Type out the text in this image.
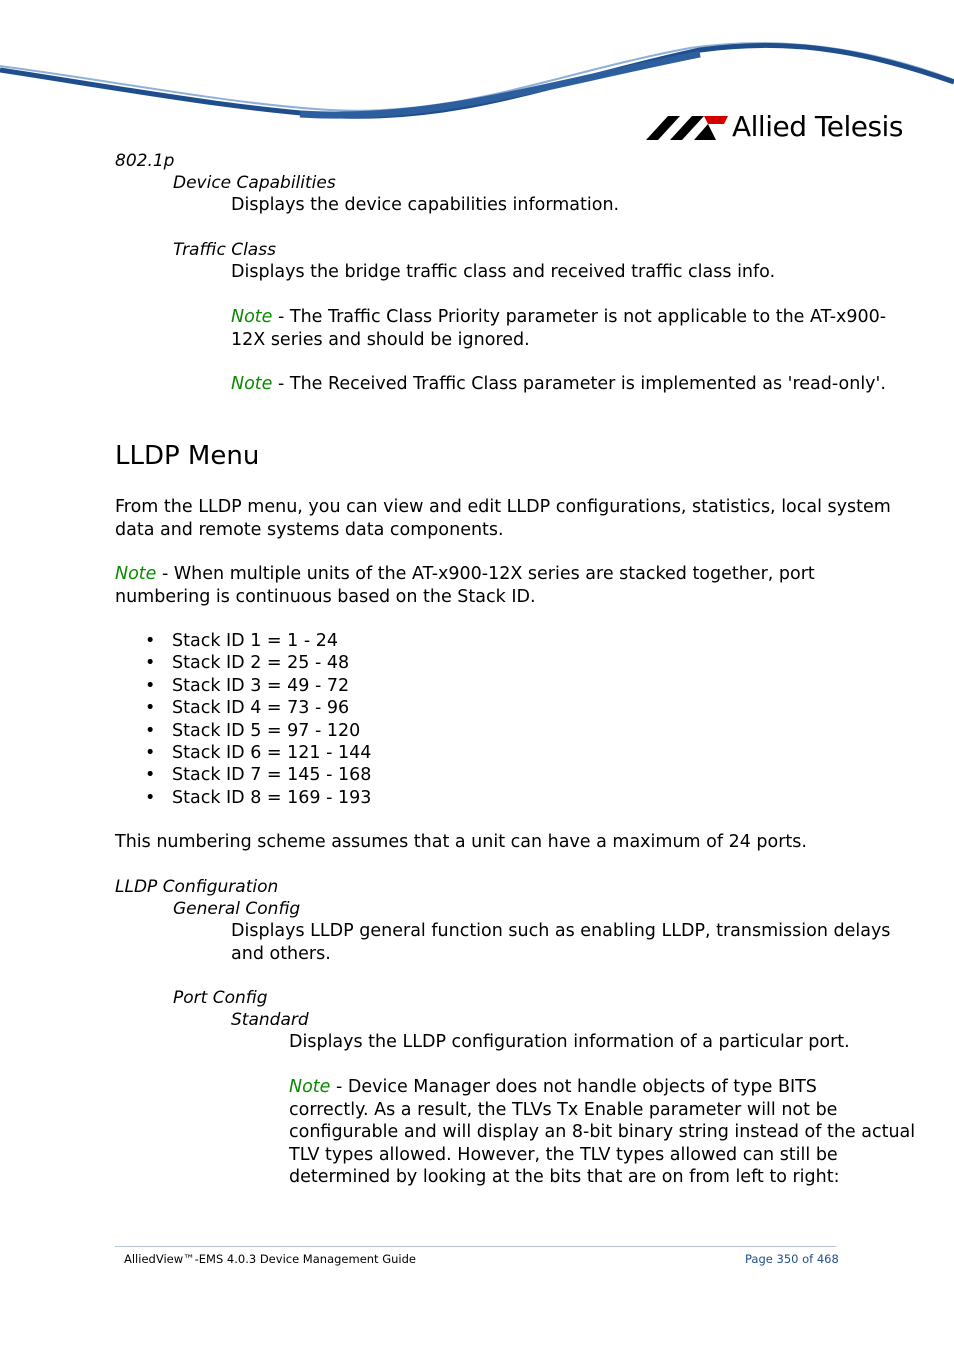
Allied Telesis
802.1p
Device Capabilities
Displays the device capabilities information.
Traffic Class
Displays the bridge traffic class and received traffic class info.
Note - The Traffic Class Priority parameter is not applicable to the AT-x900-
12X series and should be ignored.
Note - The Received Traffic Class parameter is implemented as 'read-only'.
LLDP Menu
From the LLDP menu, you can view and edit LLDP configurations, statistics, local system
data and remote systems data components.
Note - When multiple units of the AT-x900-12X series are stacked together, port
numbering is continuous based on the Stack ID.
• Stack ID 1 = 1 - 24
• Stack ID 2 = 25 - 48
• Stack ID 3 = 49 - 72
• Stack ID 4 = 73 - 96
• Stack ID 5 = 97 - 120
• Stack ID 6 = 121 - 144
• Stack ID 7 = 145 - 168
• Stack ID 8 = 169 - 193
This numbering scheme assumes that a unit can have a maximum of 24 ports.
LLDP Configuration
General Config
Displays LLDP general function such as enabling LLDP, transmission delays
and others.
Port Config
Standard
Displays the LLDP configuration information of a particular port.
Note - Device Manager does not handle objects of type BITS
correctly. As a result, the TLVs Tx Enable parameter will not be
configurable and will display an 8-bit binary string instead of the actual
TLV types allowed. However, the TLV types allowed can still be
determined by looking at the bits that are on from left to right:
AlliedView™-EMS 4.0.3 Device Management Guide	Page 350 of 468
